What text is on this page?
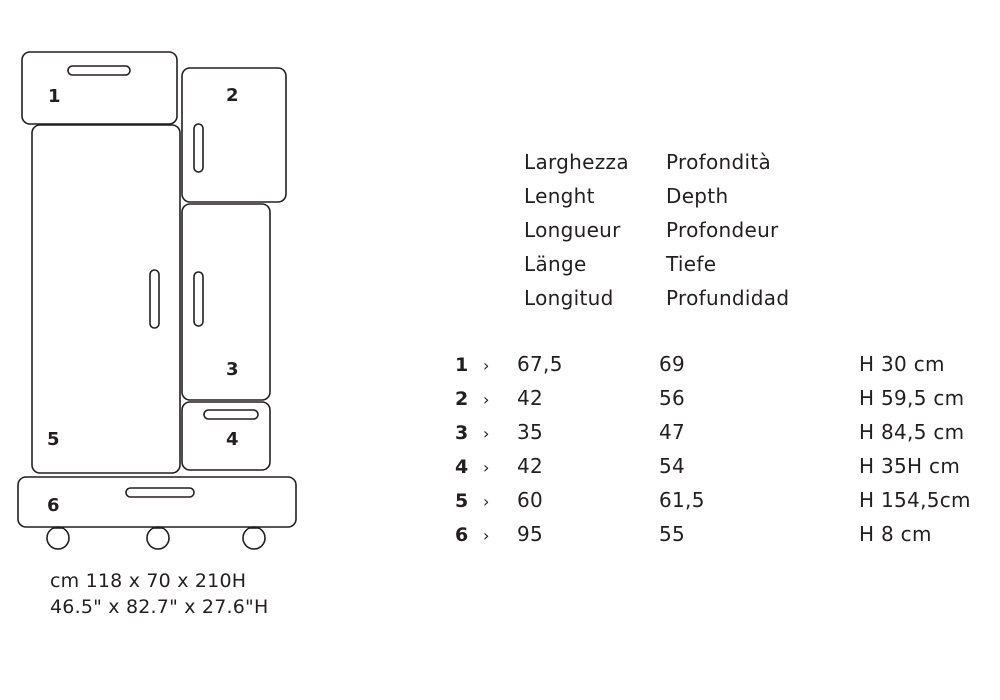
1	2
3
4
5
6
cm 118 x 70 x 210H
46.5" x 82.7" x 27.6"H
Larghezza	Profondità
Lenght	Depth
Longueur	Profondeur
Länge	Tiefe
Longitud	Profundidad
1 ›	67,5	69	H 30 cm
2 ›	42	56	H 59,5 cm
3 ›	35	47	H 84,5 cm
4 ›	42	54	H 35H cm
5 ›	60	61,5	H 154,5cm
6 ›	95	55	H 8 cm
